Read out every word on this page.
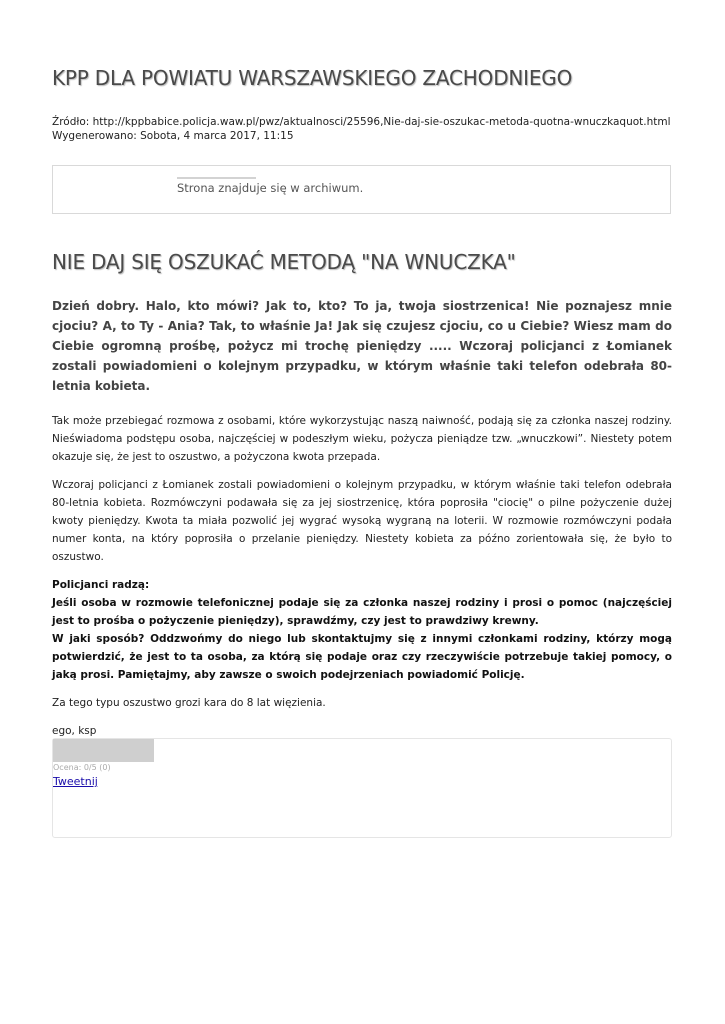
KPP DLA POWIATU WARSZAWSKIEGO ZACHODNIEGO
Źródło: http://kppbabice.policja.waw.pl/pwz/aktualnosci/25596,Nie-daj-sie-oszukac-metoda-quotna-wnuczkaquot.html
Wygenerowano: Sobota, 4 marca 2017, 11:15
Strona znajduje się w archiwum.
NIE DAJ SIĘ OSZUKAĆ METODĄ "NA WNUCZKA"

Dzień dobry. Halo, kto mówi? Jak to, kto? To ja, twoja siostrzenica! Nie poznajesz mnie cjociu? A, to Ty - Ania? Tak, to właśnie Ja! Jak się czujesz cjociu, co u Ciebie? Wiesz mam do Ciebie ogromną prośbę, pożycz mi trochę pieniędzy ..... Wczoraj policjanci z Łomianek zostali powiadomieni o kolejnym przypadku, w którym właśnie taki telefon odebrała 80-letnia kobieta.

Tak może przebiegać rozmowa z osobami, które wykorzystując naszą naiwność, podają się za członka naszej rodziny. Nieświadoma podstępu osoba, najczęściej w podeszłym wieku, pożycza pieniądze tzw. „wnuczkowi”. Niestety potem okazuje się, że jest to oszustwo, a pożyczona kwota przepada.

Wczoraj policjanci z Łomianek zostali powiadomieni o kolejnym przypadku, w którym właśnie taki telefon odebrała 80-letnia kobieta. Rozmówczyni podawała się za jej siostrzenicę, która poprosiła "ciocię" o pilne pożyczenie dużej kwoty pieniędzy. Kwota ta miała pozwolić jej wygrać wysoką wygraną na loterii. W rozmowie rozmówczyni podała numer konta, na który poprosiła o przelanie pieniędzy. Niestety kobieta za późno zorientowała się, że było to oszustwo.

Policjanci radzą:
Jeśli osoba w rozmowie telefonicznej podaje się za członka naszej rodziny i prosi o pomoc (najczęściej jest to prośba o pożyczenie pieniędzy), sprawdźmy, czy jest to prawdziwy krewny.
W jaki sposób? Oddzwońmy do niego lub skontaktujmy się z innymi członkami rodziny, którzy mogą potwierdzić, że jest to ta osoba, za którą się podaje oraz czy rzeczywiście potrzebuje takiej pomocy, o jaką prosi. Pamiętajmy, aby zawsze o swoich podejrzeniach powiadomić Policję.

Za tego typu oszustwo grozi kara do 8 lat więzienia.

ego, ksp

Ocena: 0/5 (0)
Tweetnij
